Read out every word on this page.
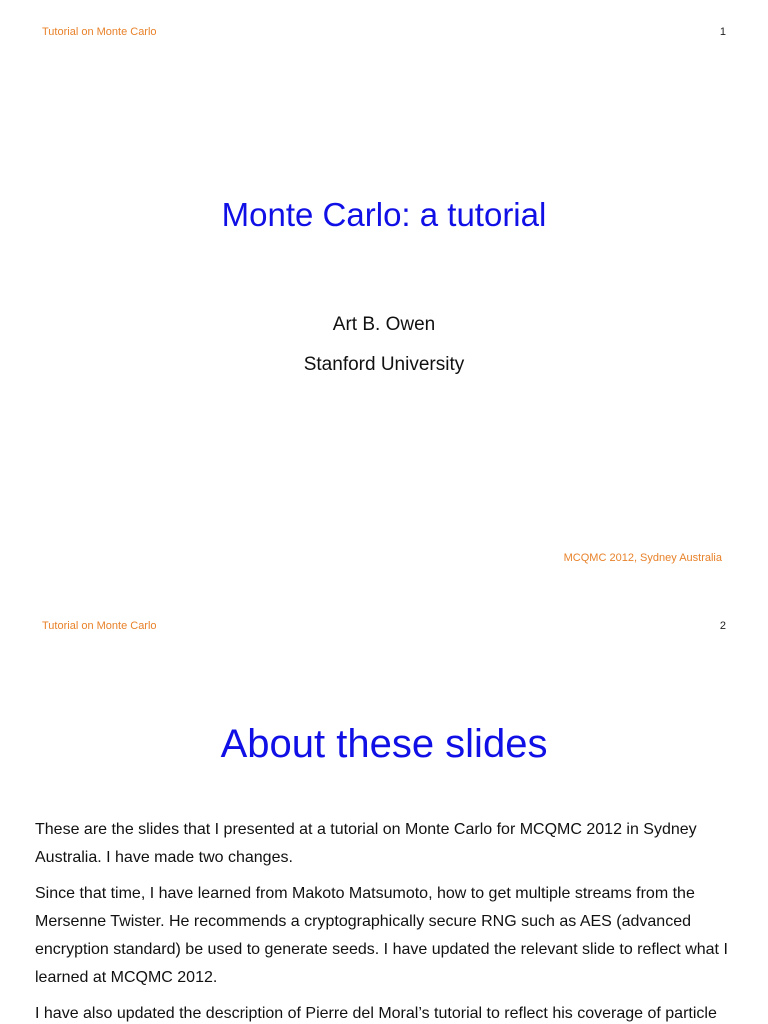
Tutorial on Monte Carlo	1
Monte Carlo: a tutorial
Art B. Owen
Stanford University
MCQMC 2012, Sydney Australia
Tutorial on Monte Carlo	2
About these slides

These are the slides that I presented at a tutorial on Monte Carlo for MCQMC 2012 in Sydney Australia. I have made two changes.

Since that time, I have learned from Makoto Matsumoto, how to get multiple streams from the Mersenne Twister. He recommends a cryptographically secure RNG such as AES (advanced encryption standard) be used to generate seeds. I have updated the relevant slide to reflect what I learned at MCQMC 2012.

I have also updated the description of Pierre del Moral’s tutorial to reflect his coverage of particle
